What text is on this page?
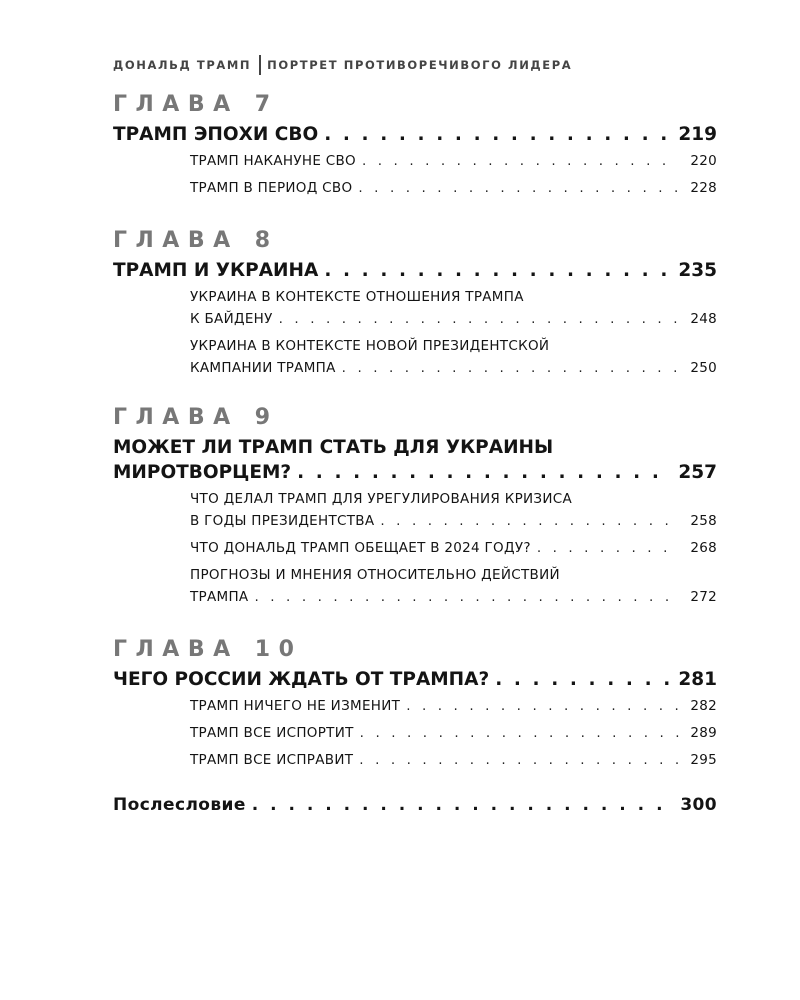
ДОНАЛЬД ТРАМП ПОРТРЕТ ПРОТИВОРЕЧИВОГО ЛИДЕРА
ГЛАВА 7
ТРАМП ЭПОХИ СВО . . .	219
ТРАМП НАКАНУНЕ СВО . . .	220
ТРАМП В ПЕРИОД СВО . . .	228
ГЛАВА 8
ТРАМП И УКРАИНА . . .	235
УКРАИНА В КОНТЕКСТЕ ОТНОШЕНИЯ ТРАМПА
К БАЙДЕНУ . . .	248
УКРАИНА В КОНТЕКСТЕ НОВОЙ ПРЕЗИДЕНТСКОЙ
КАМПАНИИ ТРАМПА . . .	250
ГЛАВА 9
МОЖЕТ ЛИ ТРАМП СТАТЬ ДЛЯ УКРАИНЫ
МИРОТВОРЦЕМ? . . .	257
ЧТО ДЕЛАЛ ТРАМП ДЛЯ УРЕГУЛИРОВАНИЯ КРИЗИСА
В ГОДЫ ПРЕЗИДЕНТСТВА . . .	258
ЧТО ДОНАЛЬД ТРАМП ОБЕЩАЕТ В 2024 ГОДУ? . . .	268
ПРОГНОЗЫ И МНЕНИЯ ОТНОСИТЕЛЬНО ДЕЙСТВИЙ
ТРАМПА . . .	272
ГЛАВА 10
ЧЕГО РОССИИ ЖДАТЬ ОТ ТРАМПА? . . .	281
ТРАМП НИЧЕГО НЕ ИЗМЕНИТ . . .	282
ТРАМП ВСЕ ИСПОРТИТ . . .	289
ТРАМП ВСЕ ИСПРАВИТ . . .	295
Послесловие . . .	300
